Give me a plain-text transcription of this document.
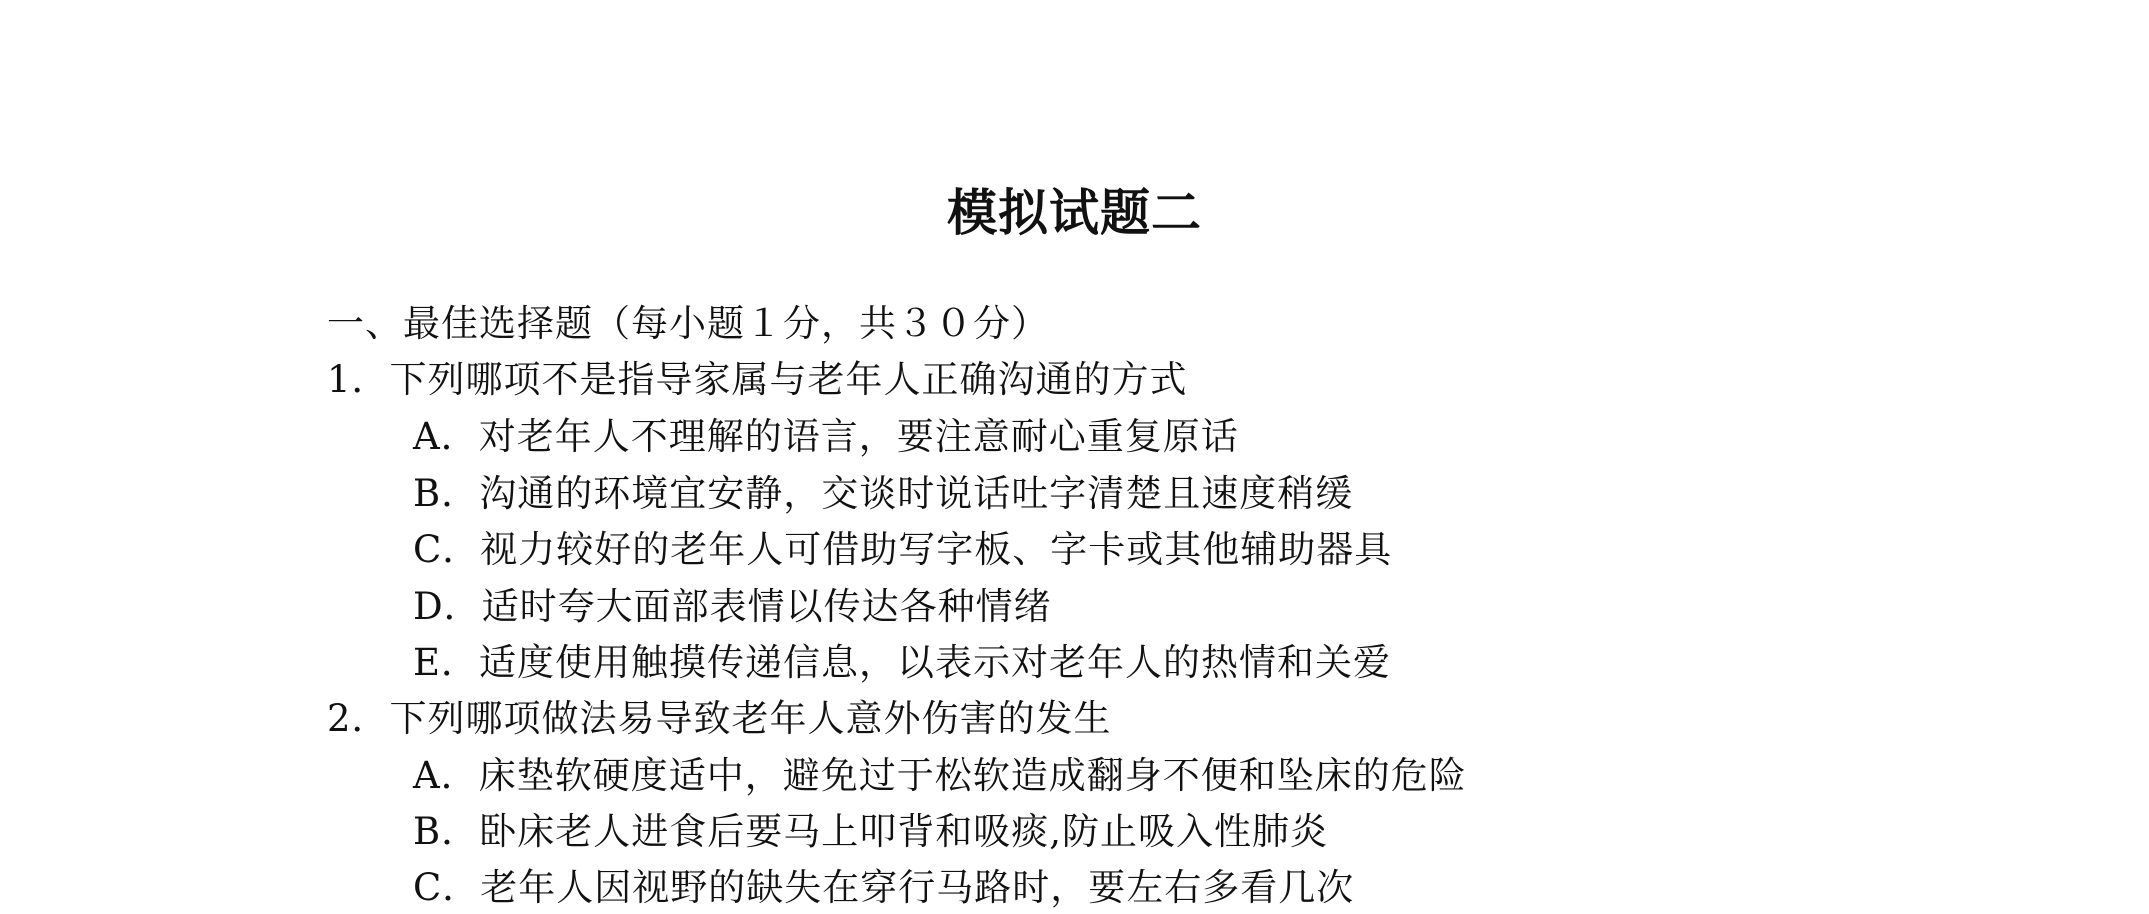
模拟试题二
一、最佳选择题（每小题１分，共３０分）
1．下列哪项不是指导家属与老年人正确沟通的方式
A．对老年人不理解的语言，要注意耐心重复原话
B．沟通的环境宜安静，交谈时说话吐字清楚且速度稍缓
C．视力较好的老年人可借助写字板、字卡或其他辅助器具
D．适时夸大面部表情以传达各种情绪
E．适度使用触摸传递信息，以表示对老年人的热情和关爱
2．下列哪项做法易导致老年人意外伤害的发生
A．床垫软硬度适中，避免过于松软造成翻身不便和坠床的危险
B．卧床老人进食后要马上叩背和吸痰,防止吸入性肺炎
C．老年人因视野的缺失在穿行马路时，要左右多看几次
